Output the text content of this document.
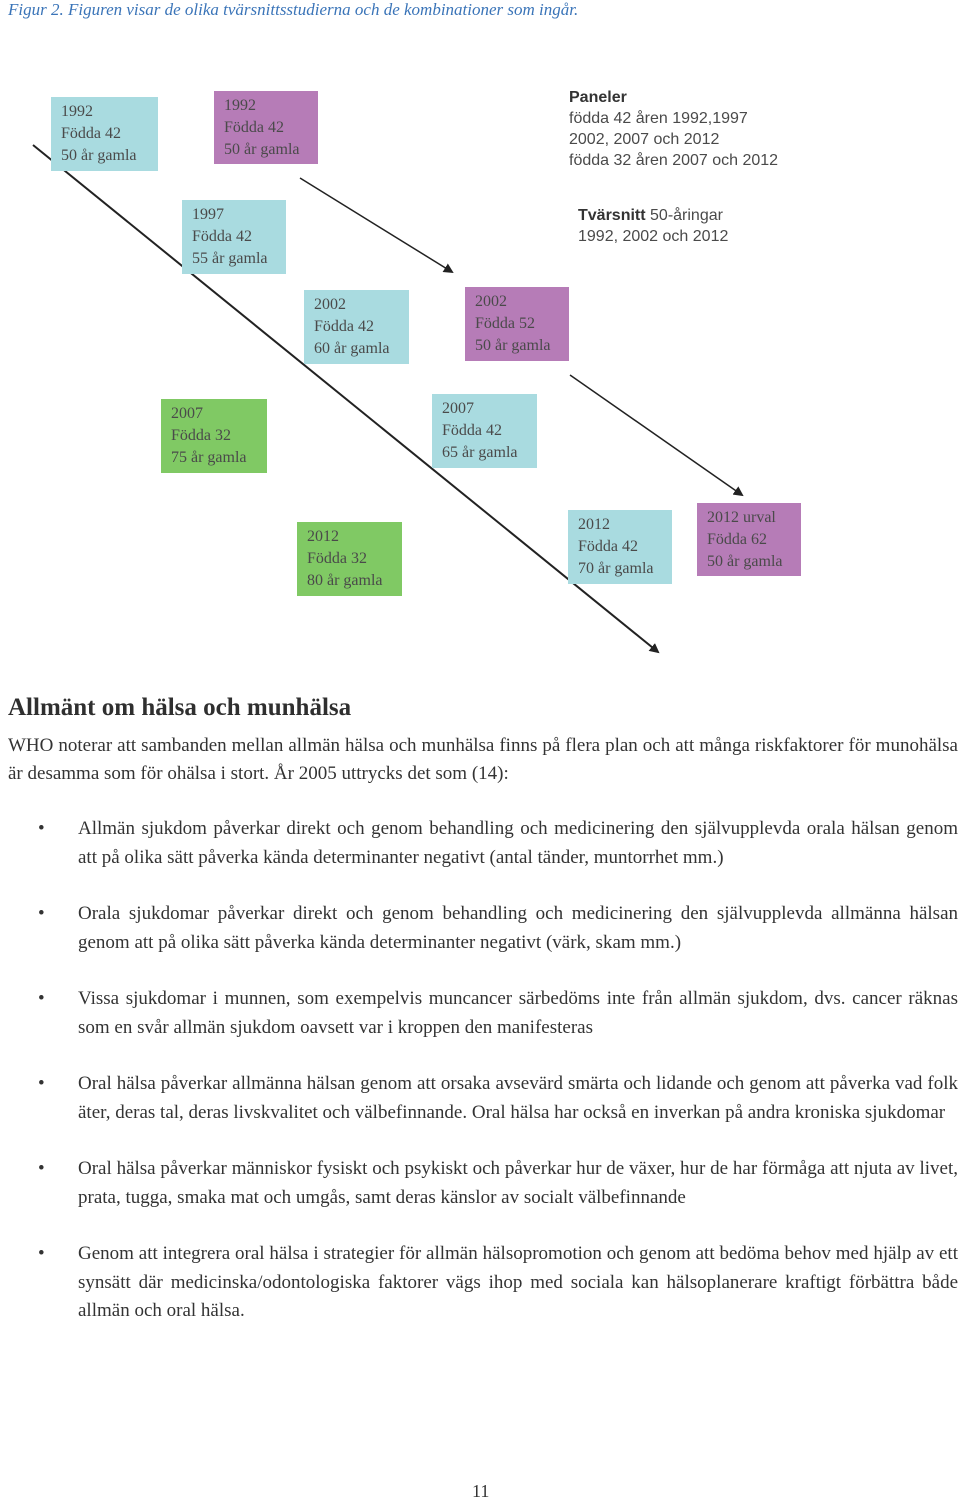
Figur 2. Figuren visar de olika tvärsnittsstudierna och de kombinationer som ingår.
1992
Födda 42
50 år gamla
1992
Födda 42
50 år gamla
1997
Födda 42
55 år gamla
2002
Födda 42
60 år gamla
2002
Födda 52
50 år gamla
2007
Födda 32
75 år gamla
2007
Födda 42
65 år gamla
2012
Födda 32
80 år gamla
2012
Födda 42
70 år gamla
2012 urval
Födda 62
50 år gamla
Paneler
födda 42 åren 1992,1997
2002, 2007 och 2012
födda 32 åren 2007 och 2012
Tvärsnitt 50-åringar
1992, 2002 och 2012
Allmänt om hälsa och munhälsa
WHO noterar att sambanden mellan allmän hälsa och munhälsa finns på flera plan och att många riskfaktorer för munohälsa är desamma som för ohälsa i stort. År 2005 uttrycks det som (14):
• Allmän sjukdom påverkar direkt och genom behandling och medicinering den självupplevda orala hälsan genom att på olika sätt påverka kända determinanter negativt (antal tänder, muntorrhet mm.)
• Orala sjukdomar påverkar direkt och genom behandling och medicinering den självupplevda allmänna hälsan genom att på olika sätt påverka kända determinanter negativt (värk, skam mm.)
• Vissa sjukdomar i munnen, som exempelvis muncancer särbedöms inte från allmän sjukdom, dvs. cancer räknas som en svår allmän sjukdom oavsett var i kroppen den manifesteras
• Oral hälsa påverkar allmänna hälsan genom att orsaka avsevärd smärta och lidande och genom att påverka vad folk äter, deras tal, deras livskvalitet och välbefinnande. Oral hälsa har också en inverkan på andra kroniska sjukdomar
• Oral hälsa påverkar människor fysiskt och psykiskt och påverkar hur de växer, hur de har förmåga att njuta av livet, prata, tugga, smaka mat och umgås, samt deras känslor av socialt välbefinnande
• Genom att integrera oral hälsa i strategier för allmän hälsopromotion och genom att bedöma behov med hjälp av ett synsätt där medicinska/odontologiska faktorer vägs ihop med sociala kan hälsoplanerare kraftigt förbättra både allmän och oral hälsa.
11
